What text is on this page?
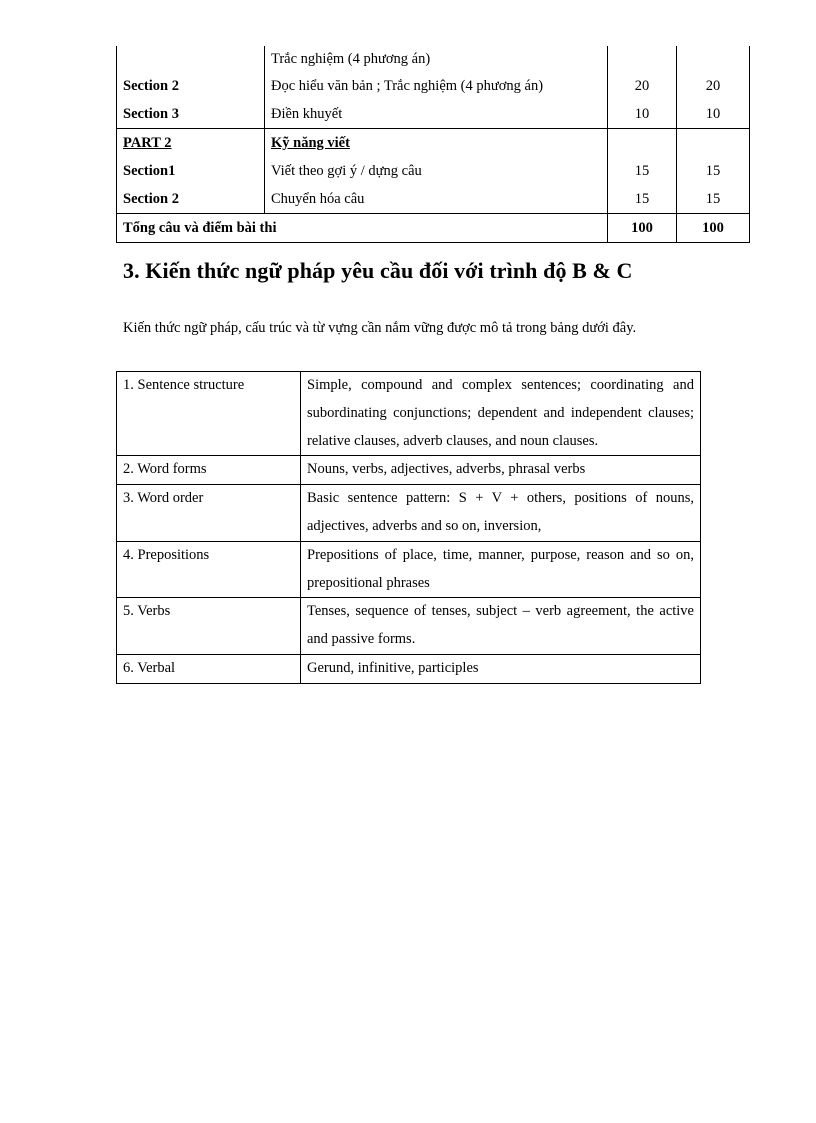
	Trắc nghiệm (4 phương án)		
Section 2	Đọc hiểu văn bản ; Trắc nghiệm (4 phương án)	20	20
Section 3	Điền khuyết	10	10
PART 2	Kỹ năng viết		
Section1	Viết theo gợi ý / dựng câu	15	15
Section 2	Chuyển hóa câu	15	15
Tổng câu và điểm bài thi		100	100
3. Kiến thức ngữ pháp yêu cầu đối với trình độ B & C

Kiến thức ngữ pháp, cấu trúc và từ vựng cần nắm vững được mô tả trong bảng dưới đây.

1. Sentence structure	Simple, compound and complex sentences; coordinating and subordinating conjunctions; dependent and independent clauses; relative clauses, adverb clauses, and noun clauses.
2. Word forms	Nouns, verbs, adjectives, adverbs, phrasal verbs
3. Word order	Basic sentence pattern: S + V + others, positions of nouns, adjectives, adverbs and so on, inversion,
4. Prepositions	Prepositions of place, time, manner, purpose, reason and so on, prepositional phrases
5. Verbs	Tenses, sequence of tenses, subject – verb agreement, the active and passive forms.
6. Verbal	Gerund, infinitive, participles
